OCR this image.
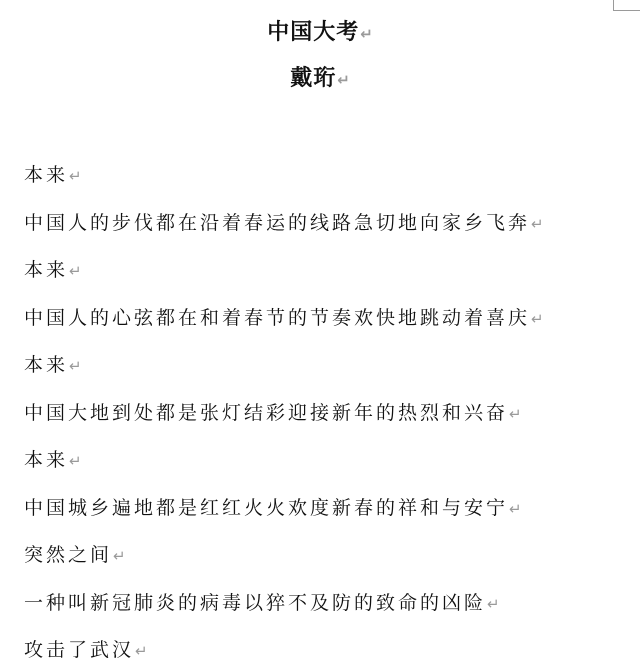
中国大考↵
戴珩↵
本来↵
中国人的步伐都在沿着春运的线路急切地向家乡飞奔↵
本来↵
中国人的心弦都在和着春节的节奏欢快地跳动着喜庆↵
本来↵
中国大地到处都是张灯结彩迎接新年的热烈和兴奋↵
本来↵
中国城乡遍地都是红红火火欢度新春的祥和与安宁↵
突然之间↵
一种叫新冠肺炎的病毒以猝不及防的致命的凶险↵
攻击了武汉↵
